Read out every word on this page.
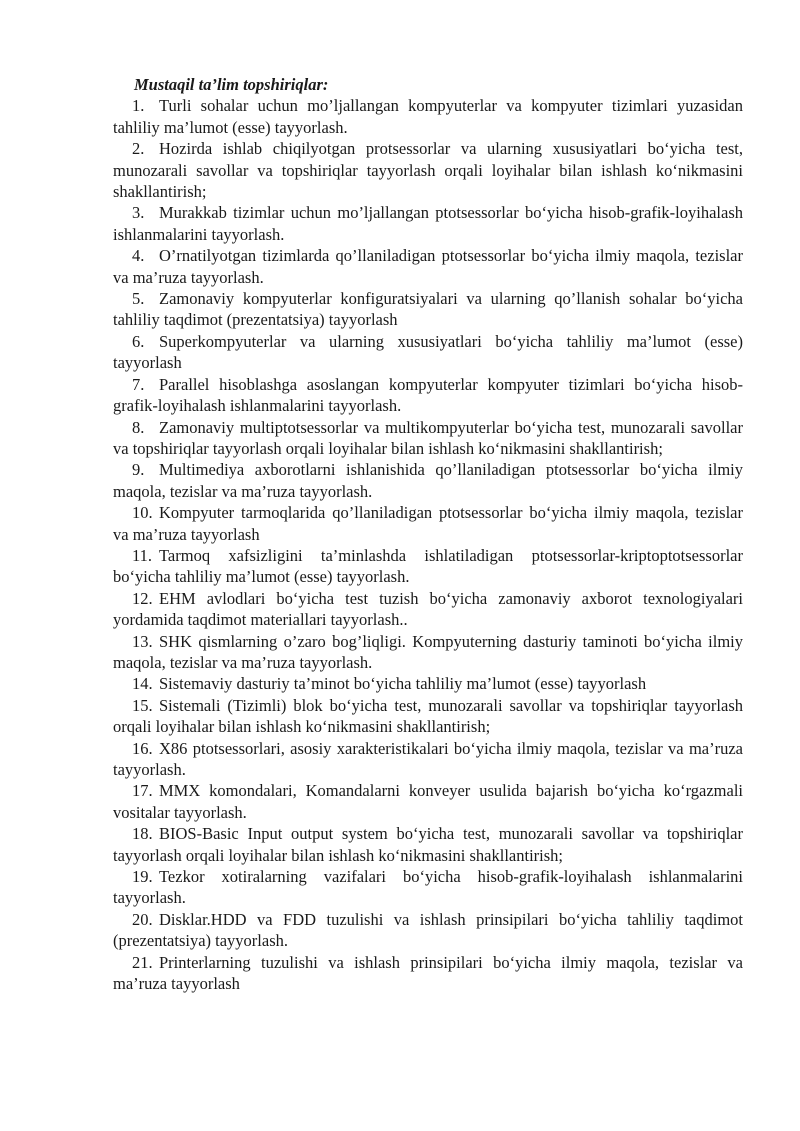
Mustaqil ta’lim topshiriqlar:

1. Turli sohalar uchun mo’ljallangan kompyuterlar va kompyuter tizimlari yuzasidan tahliliy ma’lumot (esse) tayyorlash.

2. Hozirda ishlab chiqilyotgan protsessorlar va ularning xususiyatlari bo‘yicha test, munozarali savollar va topshiriqlar tayyorlash orqali loyihalar bilan ishlash ko‘nikmasini shakllantirish;

3. Murakkab tizimlar uchun mo’ljallangan ptotsessorlar bo‘yicha hisob-grafik-loyihalash ishlanmalarini tayyorlash.

4. O’rnatilyotgan tizimlarda qo’llaniladigan ptotsessorlar bo‘yicha ilmiy maqola, tezislar va ma’ruza tayyorlash.

5. Zamonaviy kompyuterlar konfiguratsiyalari va ularning qo’llanish sohalar bo‘yicha tahliliy taqdimot (prezentatsiya) tayyorlash

6. Superkompyuterlar va ularning xususiyatlari bo‘yicha tahliliy ma’lumot (esse) tayyorlash

7. Parallel hisoblashga asoslangan kompyuterlar kompyuter tizimlari bo‘yicha hisob-grafik-loyihalash ishlanmalarini tayyorlash.

8. Zamonaviy multiptotsessorlar va multikompyuterlar bo‘yicha test, munozarali savollar va topshiriqlar tayyorlash orqali loyihalar bilan ishlash ko‘nikmasini shakllantirish;

9. Multimediya axborotlarni ishlanishida qo’llaniladigan ptotsessorlar bo‘yicha ilmiy maqola, tezislar va ma’ruza tayyorlash.

10. Kompyuter tarmoqlarida qo’llaniladigan ptotsessorlar bo‘yicha ilmiy maqola, tezislar va ma’ruza tayyorlash

11. Tarmoq xafsizligini ta’minlashda ishlatiladigan ptotsessorlar-kriptoptotsessorlar bo‘yicha tahliliy ma’lumot (esse) tayyorlash.

12. EHM avlodlari bo‘yicha test tuzish bo‘yicha zamonaviy axborot texnologiyalari yordamida taqdimot materiallari tayyorlash..

13. SHK qismlarning o’zaro bog’liqligi. Kompyuterning dasturiy taminoti bo‘yicha ilmiy maqola, tezislar va ma’ruza tayyorlash.

14. Sistemaviy dasturiy ta’minot bo‘yicha tahliliy ma’lumot (esse) tayyorlash

15. Sistemali (Tizimli) blok bo‘yicha test, munozarali savollar va topshiriqlar tayyorlash orqali loyihalar bilan ishlash ko‘nikmasini shakllantirish;

16. X86 ptotsessorlari, asosiy xarakteristikalari bo‘yicha ilmiy maqola, tezislar va ma’ruza tayyorlash.

17. MMX komondalari, Komandalarni konveyer usulida bajarish bo‘yicha ko‘rgazmali vositalar tayyorlash.

18. BIOS-Basic Input output system bo‘yicha test, munozarali savollar va topshiriqlar tayyorlash orqali loyihalar bilan ishlash ko‘nikmasini shakllantirish;

19. Tezkor xotiralarning vazifalari bo‘yicha hisob-grafik-loyihalash ishlanmalarini tayyorlash.

20. Disklar.HDD va FDD tuzulishi va ishlash prinsipilari bo‘yicha tahliliy taqdimot (prezentatsiya) tayyorlash.

21. Printerlarning tuzulishi va ishlash prinsipilari bo‘yicha ilmiy maqola, tezislar va ma’ruza tayyorlash
